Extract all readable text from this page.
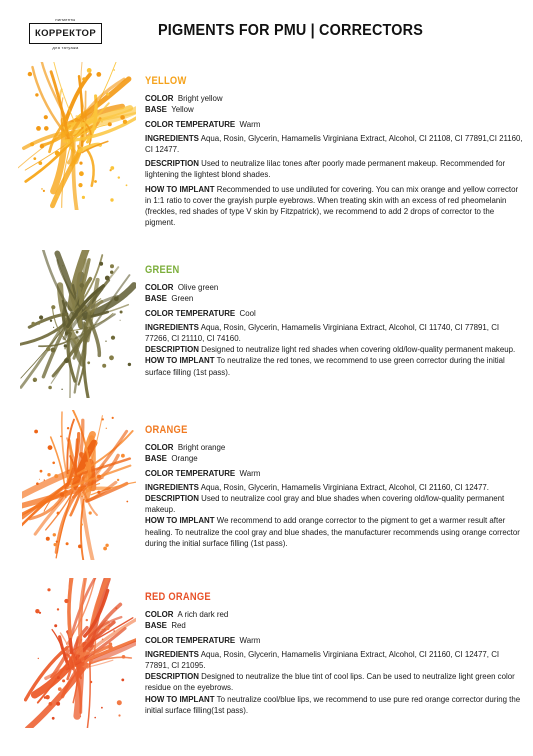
пигменты
КОРРЕКТОР
для татуажа
PIGMENTS FOR PMU | CORRECTORS
YELLOW

COLOR Bright yellow

BASE Yellow

COLOR TEMPERATURE Warm

INGREDIENTS Aqua, Rosin, Glycerin, Hamamelis Virginiana Extract, Alcohol, CI 21108, CI 77891,CI 21160, CI 12477.

DESCRIPTION Used to neutralize lilac tones after poorly made permanent makeup. Recommended for lightening the lightest blond shades.

HOW TO IMPLANT Recommended to use undiluted for covering. You can mix orange and yellow corrector in 1:1 ratio to cover the grayish purple eyebrows. When treating skin with an excess of red pheomelanin (freckles, red shades of type V skin by Fitzpatrick), we recommend to add 2 drops of corrector to the pigment.

GREEN

COLOR Olive green

BASE Green

COLOR TEMPERATURE Cool

INGREDIENTS Aqua, Rosin, Glycerin, Hamamelis Virginiana Extract, Alcohol, CI 11740, CI 77891, CI 77266, CI 21110, CI 74160.

DESCRIPTION Designed to neutralize light red shades when covering old/low-quality permanent makeup.

HOW TO IMPLANT To neutralize the red tones, we recommend to use green corrector during the initial surface filling (1st pass).

ORANGE

COLOR Bright orange

BASE Orange

COLOR TEMPERATURE Warm

INGREDIENTS Aqua, Rosin, Glycerin, Hamamelis Virginiana Extract, Alcohol, CI 21160, CI 12477.

DESCRIPTION Used to neutralize cool gray and blue shades when covering old/low-quality permanent makeup.

HOW TO IMPLANT We recommend to add orange corrector to the pigment to get a warmer result after healing. To neutralize the cool gray and blue shades, the manufacturer recommends using orange corrector during the initial surface filling (1st pass).

RED ORANGE

COLOR A rich dark red

BASE Red

COLOR TEMPERATURE Warm

INGREDIENTS Aqua, Rosin, Glycerin, Hamamelis Virginiana Extract, Alcohol, CI 21160, CI 12477, CI 77891, CI 21095.

DESCRIPTION Designed to neutralize the blue tint of cool lips. Can be used to neutralize light green color residue on the eyebrows.

HOW TO IMPLANT To neutralize cool/blue lips, we recommend to use pure red orange corrector during the initial surface filling(1st pass).
